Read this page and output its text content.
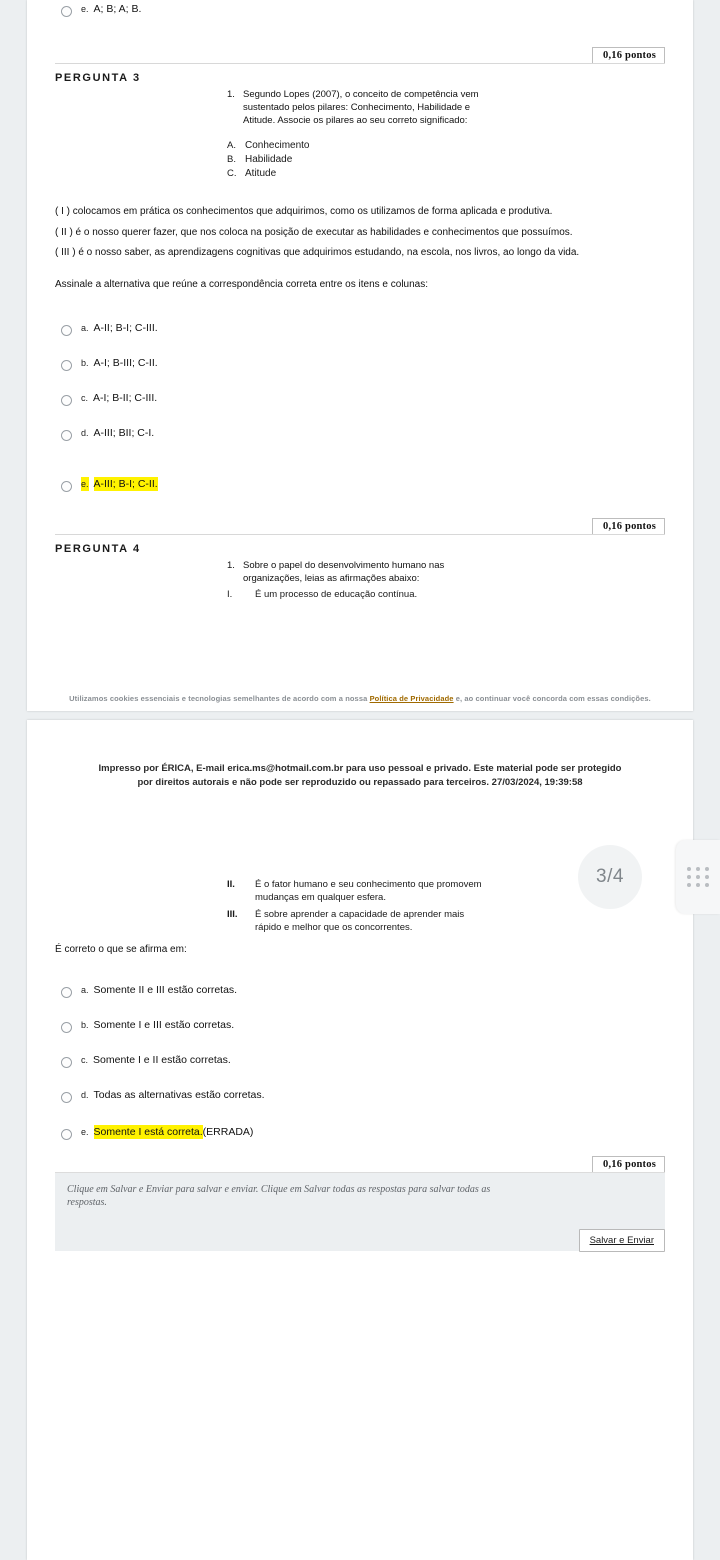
e. A; B; A; B.
0,16 pontos
PERGUNTA 3
1. Segundo Lopes (2007), o conceito de competência vem sustentado pelos pilares: Conhecimento, Habilidade e Atitude. Associe os pilares ao seu correto significado:
A. Conhecimento
B. Habilidade
C. Atitude
( I ) colocamos em prática os conhecimentos que adquirimos, como os utilizamos de forma aplicada e produtiva.
( II ) é o nosso querer fazer, que nos coloca na posição de executar as habilidades e conhecimentos que possuímos.
( III ) é o nosso saber, as aprendizagens cognitivas que adquirimos estudando, na escola, nos livros, ao longo da vida.
Assinale a alternativa que reúne a correspondência correta entre os itens e colunas:
a. A-II; B-I; C-III.
b. A-I; B-III; C-II.
c. A-I; B-II; C-III.
d. A-III; BII; C-I.
e. A-III; B-I; C-II.
0,16 pontos
PERGUNTA 4
1. Sobre o papel do desenvolvimento humano nas organizações, leias as afirmações abaixo:
I.	É um processo de educação contínua.
Utilizamos cookies essenciais e tecnologias semelhantes de acordo com a nossa Política de Privacidade e, ao continuar você concorda com essas condições.
Impresso por ÉRICA, E-mail erica.ms@hotmail.com.br para uso pessoal e privado. Este material pode ser protegido por direitos autorais e não pode ser reproduzido ou repassado para terceiros. 27/03/2024, 19:39:58
II.	É o fator humano e seu conhecimento que promovem mudanças em qualquer esfera.
III.	É sobre aprender a capacidade de aprender mais rápido e melhor que os concorrentes.
É correto o que se afirma em:
a. Somente II e III estão corretas.
b. Somente I e III estão corretas.
c. Somente I e II estão corretas.
d. Todas as alternativas estão corretas.
e. Somente I está correta. (ERRADA)
0,16 pontos
Clique em Salvar e Enviar para salvar e enviar. Clique em Salvar todas as respostas para salvar todas as respostas.
Salvar e Enviar
3/4
